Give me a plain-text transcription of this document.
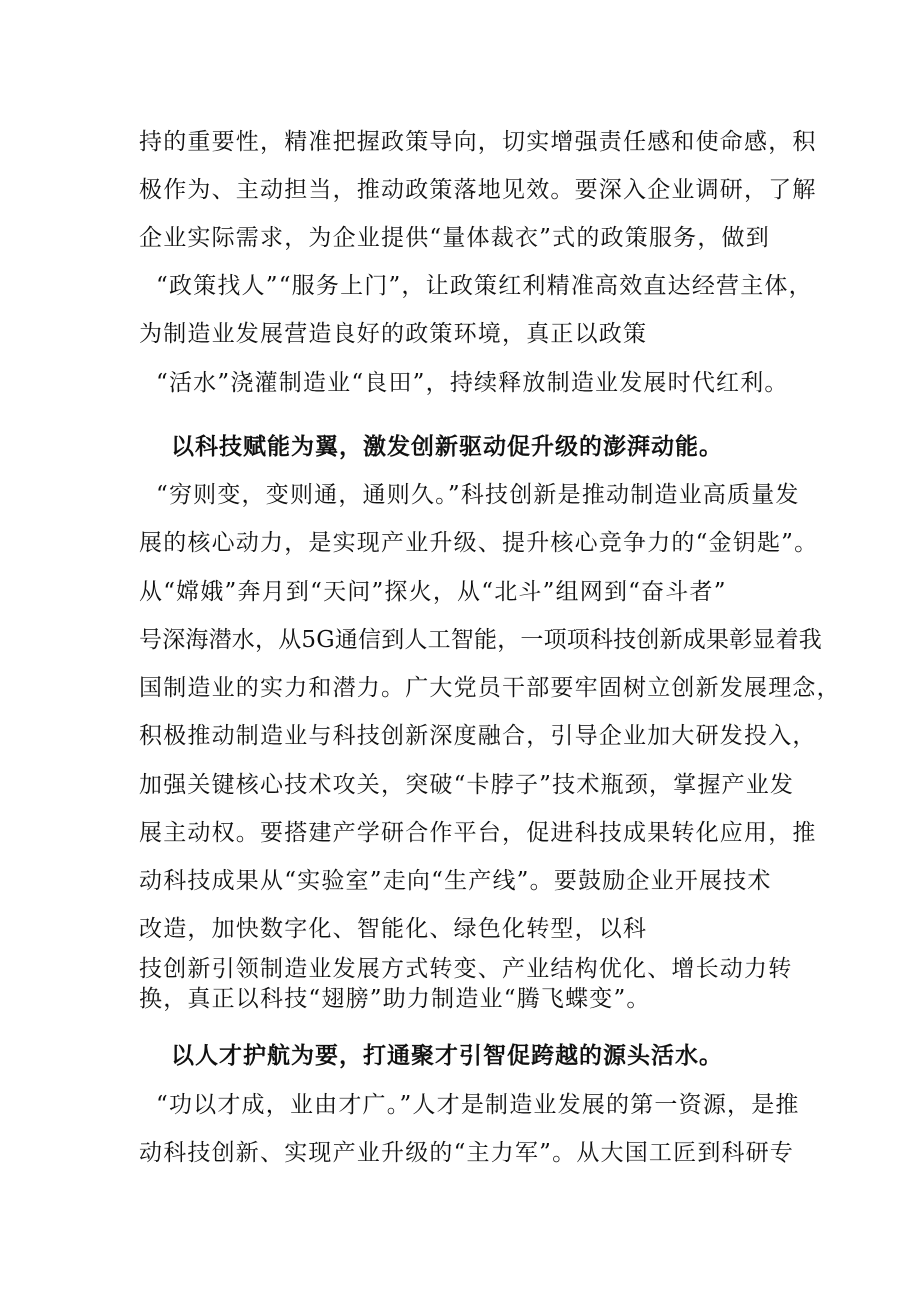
持的重要性，精准把握政策导向，切实增强责任感和使命感，积
极作为、主动担当，推动政策落地见效。要深入企业调研，了解
企业实际需求，为企业提供“量体裁衣”式的政策服务，做到
“政策找人”“服务上门”，让政策红利精准高效直达经营主体，
为制造业发展营造良好的政策环境，真正以政策
“活水”浇灌制造业“良田”，持续释放制造业发展时代红利。
以科技赋能为翼，激发创新驱动促升级的澎湃动能。
“穷则变，变则通，通则久。”科技创新是推动制造业高质量发
展的核心动力，是实现产业升级、提升核心竞争力的“金钥匙”。
从“嫦娥”奔月到“天问”探火，从“北斗”组网到“奋斗者”
号深海潜水，从5G通信到人工智能，一项项科技创新成果彰显着我
国制造业的实力和潜力。广大党员干部要牢固树立创新发展理念，
积极推动制造业与科技创新深度融合，引导企业加大研发投入，
加强关键核心技术攻关，突破“卡脖子”技术瓶颈，掌握产业发
展主动权。要搭建产学研合作平台，促进科技成果转化应用，推
动科技成果从“实验室”走向“生产线”。要鼓励企业开展技术
改造，加快数字化、智能化、绿色化转型，以科
技创新引领制造业发展方式转变、产业结构优化、增长动力转
换，真正以科技“翅膀”助力制造业“腾飞蝶变”。
以人才护航为要，打通聚才引智促跨越的源头活水。
“功以才成，业由才广。”人才是制造业发展的第一资源，是推
动科技创新、实现产业升级的“主力军”。从大国工匠到科研专
